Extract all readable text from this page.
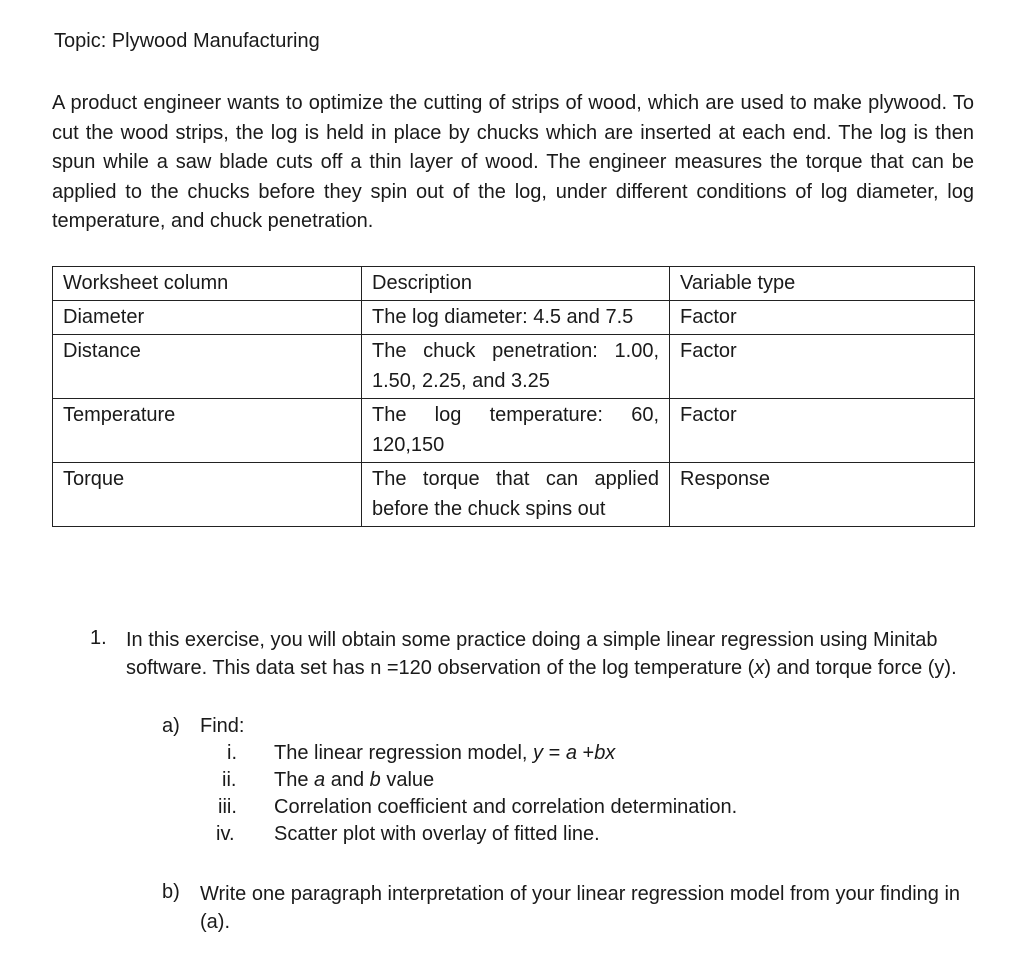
Topic: Plywood Manufacturing
A product engineer wants to optimize the cutting of strips of wood, which are used to make plywood. To cut the wood strips, the log is held in place by chucks which are inserted at each end. The log is then spun while a saw blade cuts off a thin layer of wood. The engineer measures the torque that can be applied to the chucks before they spin out of the log, under different conditions of log diameter, log temperature, and chuck penetration.
Worksheet column	Description	Variable type
Diameter	The log diameter: 4.5 and 7.5	Factor
Distance	The chuck penetration: 1.00, 1.50, 2.25, and 3.25	Factor
Temperature	The log temperature: 60, 120,150	Factor
Torque	The torque that can applied before the chuck spins out	Response
1. In this exercise, you will obtain some practice doing a simple linear regression using Minitab software. This data set has n =120 observation of the log temperature (x) and torque force (y).
a) Find:
i. The linear regression model, y = a +bx
ii. The a and b value
iii. Correlation coefficient and correlation determination.
iv. Scatter plot with overlay of fitted line.
b) Write one paragraph interpretation of your linear regression model from your finding in (a).
